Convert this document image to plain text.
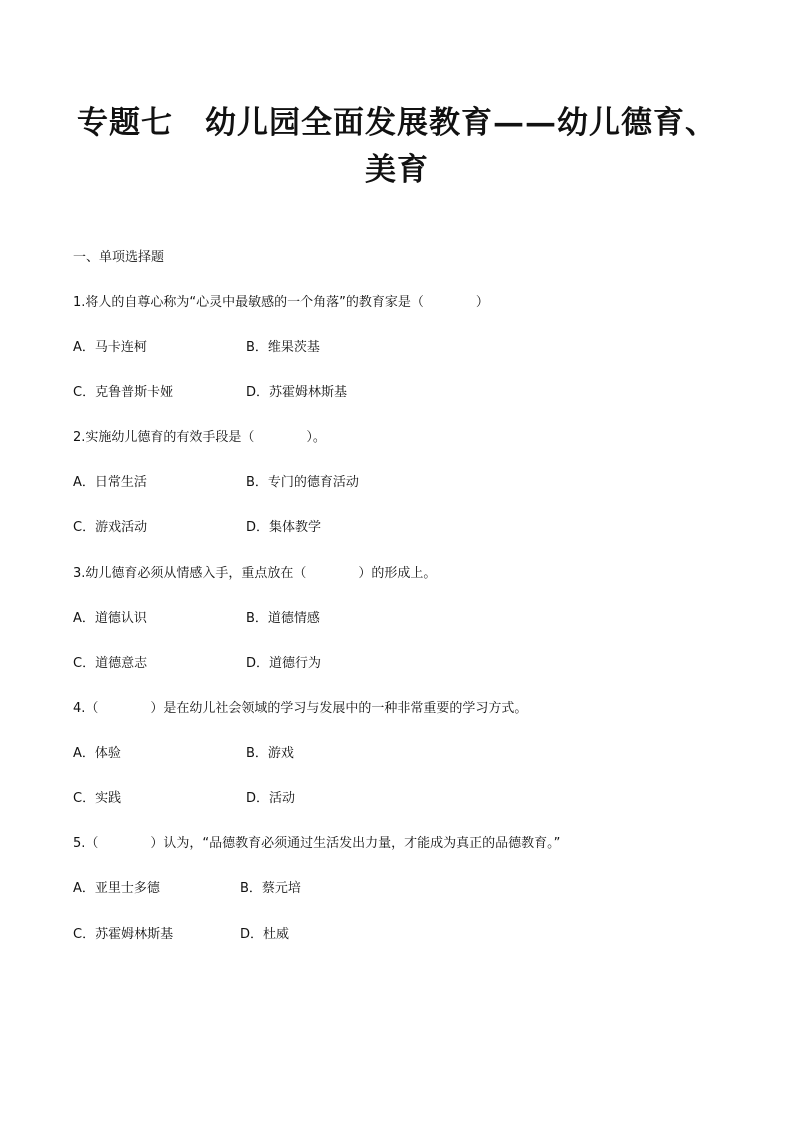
专题七　幼儿园全面发展教育——幼儿德育、
美育
一、单项选择题
1.将人的自尊心称为“心灵中最敏感的一个角落”的教育家是（	）
A．马卡连柯	B．维果茨基
C．克鲁普斯卡娅	D．苏霍姆林斯基
2.实施幼儿德育的有效手段是（	）。
A．日常生活	B．专门的德育活动
C．游戏活动	D．集体教学
3.幼儿德育必须从情感入手，重点放在（	）的形成上。
A．道德认识	B．道德情感
C．道德意志	D．道德行为
4.（	）是在幼儿社会领域的学习与发展中的一种非常重要的学习方式。
A．体验	B．游戏
C．实践	D．活动
5.（	）认为，“品德教育必须通过生活发出力量，才能成为真正的品德教育。”
A．亚里士多德	B．蔡元培
C．苏霍姆林斯基	D．杜威
